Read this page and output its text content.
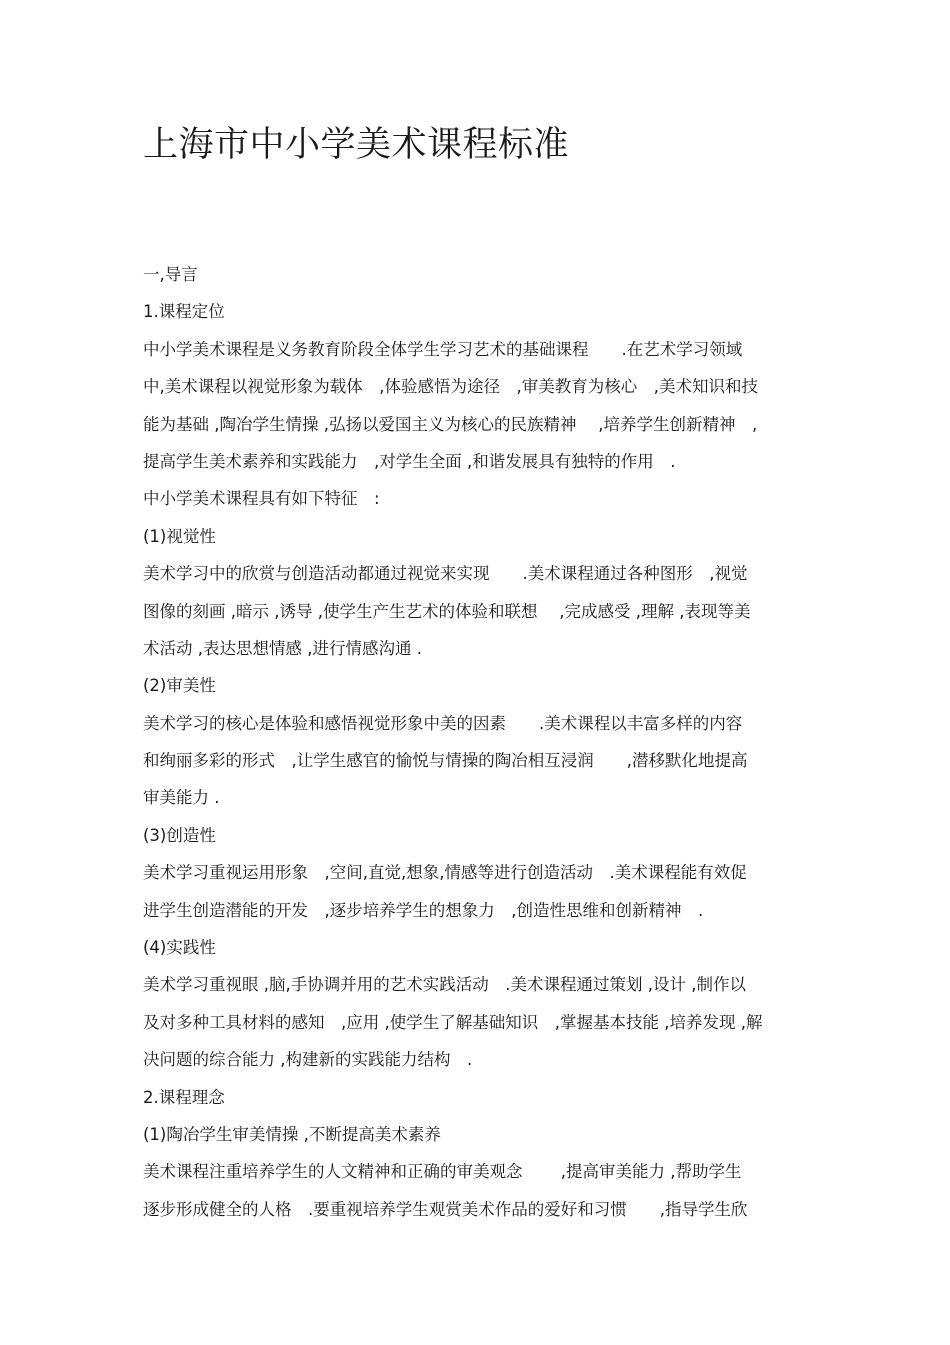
上海市中小学美术课程标准
一,导言
1.课程定位
中小学美术课程是义务教育阶段全体学生学习艺术的基础课程　　.在艺术学习领域
中,美术课程以视觉形象为载体　,体验感悟为途径　,审美教育为核心　,美术知识和技
能为基础 ,陶冶学生情操 ,弘扬以爱国主义为核心的民族精神　 ,培养学生创新精神　,
提高学生美术素养和实践能力　,对学生全面 ,和谐发展具有独特的作用　.
中小学美术课程具有如下特征　:
(1)视觉性
美术学习中的欣赏与创造活动都通过视觉来实现　　.美术课程通过各种图形　,视觉
图像的刻画 ,暗示 ,诱导 ,使学生产生艺术的体验和联想　 ,完成感受 ,理解 ,表现等美
术活动 ,表达思想情感 ,进行情感沟通 .
(2)审美性
美术学习的核心是体验和感悟视觉形象中美的因素　　.美术课程以丰富多样的内容
和绚丽多彩的形式　,让学生感官的愉悦与情操的陶冶相互浸润　　,潜移默化地提高
审美能力 .
(3)创造性
美术学习重视运用形象　,空间,直觉,想象,情感等进行创造活动　.美术课程能有效促
进学生创造潜能的开发　,逐步培养学生的想象力　,创造性思维和创新精神　.
(4)实践性
美术学习重视眼 ,脑,手协调并用的艺术实践活动　.美术课程通过策划 ,设计 ,制作以
及对多种工具材料的感知　,应用 ,使学生了解基础知识　,掌握基本技能 ,培养发现 ,解
决问题的综合能力 ,构建新的实践能力结构　.
2.课程理念
(1)陶冶学生审美情操 ,不断提高美术素养
美术课程注重培养学生的人文精神和正确的审美观念　　 ,提高审美能力 ,帮助学生
逐步形成健全的人格　.要重视培养学生观赏美术作品的爱好和习惯　　,指导学生欣
